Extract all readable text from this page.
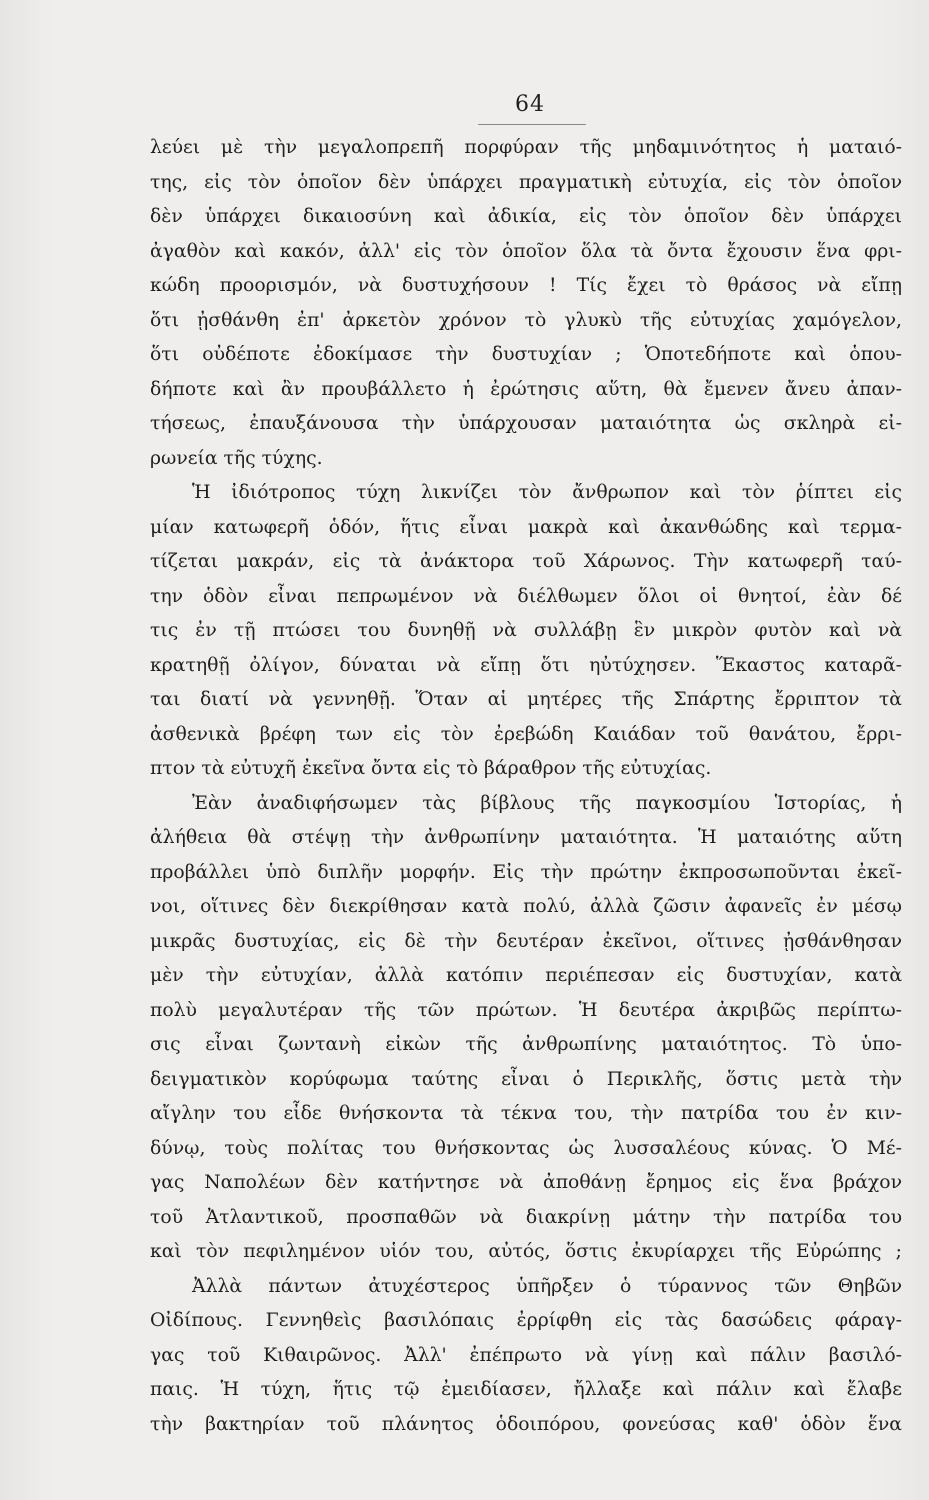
64
λεύει μὲ τὴν μεγαλοπρεπῆ πορφύραν τῆς μηδαμινότητος ἡ ματαιό-
της, εἰς τὸν ὁποῖον δὲν ὑπάρχει πραγματικὴ εὐτυχία, εἰς τὸν ὁποῖον
δὲν ὑπάρχει δικαιοσύνη καὶ ἀδικία, εἰς τὸν ὁποῖον δὲν ὑπάρχει
ἀγαθὸν καὶ κακόν, ἀλλ' εἰς τὸν ὁποῖον ὅλα τὰ ὄντα ἔχουσιν ἕνα φρι-
κώδη προορισμόν, νὰ δυστυχήσουν ! Τίς ἔχει τὸ θράσος νὰ εἴπῃ
ὅτι ᾐσθάνθη ἐπ' ἀρκετὸν χρόνον τὸ γλυκὺ τῆς εὐτυχίας χαμόγελον,
ὅτι οὐδέποτε ἐδοκίμασε τὴν δυστυχίαν ; Ὁποτεδήποτε καὶ ὁπου-
δήποτε καὶ ἂν προυβάλλετο ἡ ἐρώτησις αὕτη, θὰ ἔμενεν ἄνευ ἀπαν-
τήσεως, ἐπαυξάνουσα τὴν ὑπάρχουσαν ματαιότητα ὡς σκληρὰ εἰ-
ρωνεία τῆς τύχης.
Ἡ ἰδιότροπος τύχη λικνίζει τὸν ἄνθρωπον καὶ τὸν ῥίπτει εἰς
μίαν κατωφερῆ ὁδόν, ἥτις εἶναι μακρὰ καὶ ἀκανθώδης καὶ τερμα-
τίζεται μακράν, εἰς τὰ ἀνάκτορα τοῦ Χάρωνος. Τὴν κατωφερῆ ταύ-
την ὁδὸν εἶναι πεπρωμένον νὰ διέλθωμεν ὅλοι οἱ θνητοί, ἐὰν δέ
τις ἐν τῇ πτώσει του δυνηθῇ νὰ συλλάβῃ ἓν μικρὸν φυτὸν καὶ νὰ
κρατηθῇ ὀλίγον, δύναται νὰ εἴπῃ ὅτι ηὐτύχησεν. Ἕκαστος καταρᾶ-
ται διατί νὰ γεννηθῇ. Ὅταν αἱ μητέρες τῆς Σπάρτης ἔρριπτον τὰ
ἀσθενικὰ βρέφη των εἰς τὸν ἐρεβώδη Καιάδαν τοῦ θανάτου, ἔρρι-
πτον τὰ εὐτυχῆ ἐκεῖνα ὄντα εἰς τὸ βάραθρον τῆς εὐτυχίας.
Ἐὰν ἀναδιφήσωμεν τὰς βίβλους τῆς παγκοσμίου Ἱστορίας, ἡ
ἀλήθεια θὰ στέψῃ τὴν ἀνθρωπίνην ματαιότητα. Ἡ ματαιότης αὕτη
προβάλλει ὑπὸ διπλῆν μορφήν. Εἰς τὴν πρώτην ἐκπροσωποῦνται ἐκεῖ-
νοι, οἵτινες δὲν διεκρίθησαν κατὰ πολύ, ἀλλὰ ζῶσιν ἀφανεῖς ἐν μέσῳ
μικρᾶς δυστυχίας, εἰς δὲ τὴν δευτέραν ἐκεῖνοι, οἵτινες ᾐσθάνθησαν
μὲν τὴν εὐτυχίαν, ἀλλὰ κατόπιν περιέπεσαν εἰς δυστυχίαν, κατὰ
πολὺ μεγαλυτέραν τῆς τῶν πρώτων. Ἡ δευτέρα ἀκριβῶς περίπτω-
σις εἶναι ζωντανὴ εἰκὼν τῆς ἀνθρωπίνης ματαιότητος. Τὸ ὑπο-
δειγματικὸν κορύφωμα ταύτης εἶναι ὁ Περικλῆς, ὅστις μετὰ τὴν
αἴγλην του εἶδε θνήσκοντα τὰ τέκνα του, τὴν πατρίδα του ἐν κιν-
δύνῳ, τοὺς πολίτας του θνήσκοντας ὡς λυσσαλέους κύνας. Ὁ Μέ-
γας Ναπολέων δὲν κατήντησε νὰ ἀποθάνῃ ἔρημος εἰς ἕνα βράχον
τοῦ Ἀτλαντικοῦ, προσπαθῶν νὰ διακρίνῃ μάτην τὴν πατρίδα του
καὶ τὸν πεφιλημένον υἱόν του, αὐτός, ὅστις ἐκυρίαρχει τῆς Εὐρώπης ;
Ἀλλὰ πάντων ἀτυχέστερος ὑπῆρξεν ὁ τύραννος τῶν Θηβῶν
Οἰδίπους. Γεννηθεὶς βασιλόπαις ἐρρίφθη εἰς τὰς δασώδεις φάραγ-
γας τοῦ Κιθαιρῶνος. Ἀλλ' ἐπέπρωτο νὰ γίνῃ καὶ πάλιν βασιλό-
παις. Ἡ τύχη, ἥτις τῷ ἐμειδίασεν, ἤλλαξε καὶ πάλιν καὶ ἔλαβε
τὴν βακτηρίαν τοῦ πλάνητος ὁδοιπόρου, φονεύσας καθ' ὁδὸν ἕνα
